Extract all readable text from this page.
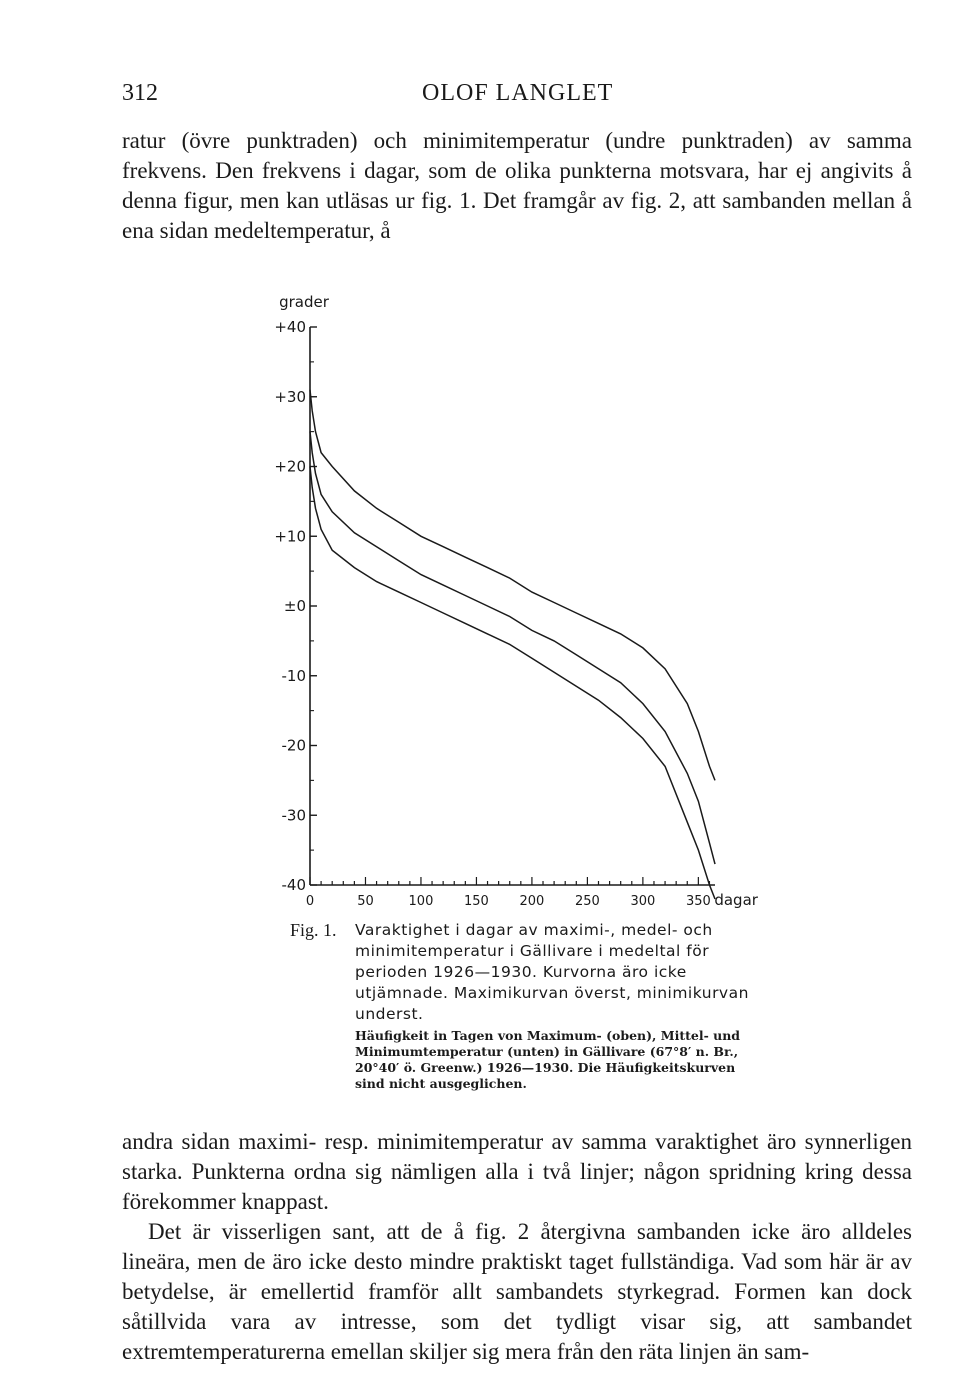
312	OLOF LANGLET

ratur (övre punktraden) och minimitemperatur (undre punktraden) av samma frekvens. Den frekvens i dagar, som de olika punkterna motsvara, har ej angivits å denna figur, men kan utläsas ur fig. 1. Det framgår av fig. 2, att sambanden mellan å ena sidan medeltemperatur, å

+40
+30
+20
+10
±0
-10
-20
-30
-40
grader
50	100 150 200 250 300 350
0	dagar
Fig. 1. Varaktighet i dagar av maximi-, medel- och minimitemperatur i Gällivare i medeltal för perioden 1926—1930. Kurvorna äro icke utjämnade. Maximikurvan överst, minimikurvan underst.
Häufigkeit in Tagen von Maximum- (oben), Mittel- und Minimumtemperatur (unten) in Gällivare (67°8′ n. Br., 20°40′ ö. Greenw.) 1926—1930. Die Häufigkeitskurven sind nicht ausgeglichen.

andra sidan maximi- resp. minimitemperatur av samma varaktighet äro synnerligen starka. Punkterna ordna sig nämligen alla i två linjer; någon spridning kring dessa förekommer knappast.

Det är visserligen sant, att de å fig. 2 återgivna sambanden icke äro alldeles lineära, men de äro icke desto mindre praktiskt taget fullständiga. Vad som här är av betydelse, är emellertid framför allt sambandets styrkegrad. Formen kan dock såtillvida vara av intresse, som det tydligt visar sig, att sambandet extremtemperaturerna emellan skiljer sig mera från den räta linjen än sam-
